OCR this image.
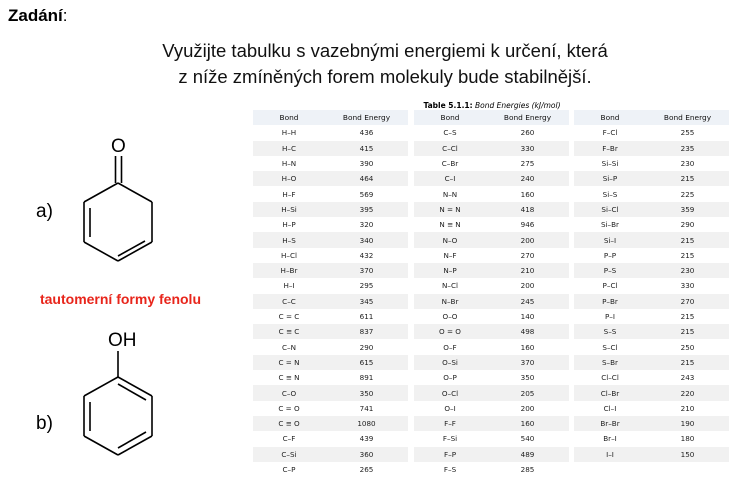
Zadání:
Využijte tabulku s vazebnými energiemi k určení, která
z níže zmíněných forem molekuly bude stabilnější.
O
a)
tautomerní formy fenolu
OH
b)
Table 5.1.1: Bond Energies (kJ/mol)
Bond	Bond Energy
H–H	436
H–C	415
H–N	390
H–O	464
H–F	569
H–Si	395
H–P	320
H–S	340
H–Cl	432
H–Br	370
H–I	295
C–C	345
C = C	611
C ≡ C	837
C–N	290
C = N	615
C ≡ N	891
C–O	350
C = O	741
C ≡ O	1080
C–F	439
C–Si	360
C–P	265
Bond	Bond Energy
C–S	260
C–Cl	330
C–Br	275
C–I	240
N–N	160
N = N	418
N ≡ N	946
N–O	200
N–F	270
N–P	210
N–Cl	200
N–Br	245
O–O	140
O = O	498
O–F	160
O–Si	370
O–P	350
O–Cl	205
O–I	200
F–F	160
F–Si	540
F–P	489
F–S	285
Bond	Bond Energy
F–Cl	255
F–Br	235
Si–Si	230
Si–P	215
Si–S	225
Si–Cl	359
Si–Br	290
Si–I	215
P–P	215
P–S	230
P–Cl	330
P–Br	270
P–I	215
S–S	215
S–Cl	250
S–Br	215
Cl–Cl	243
Cl–Br	220
Cl–I	210
Br–Br	190
Br–I	180
I–I	150
